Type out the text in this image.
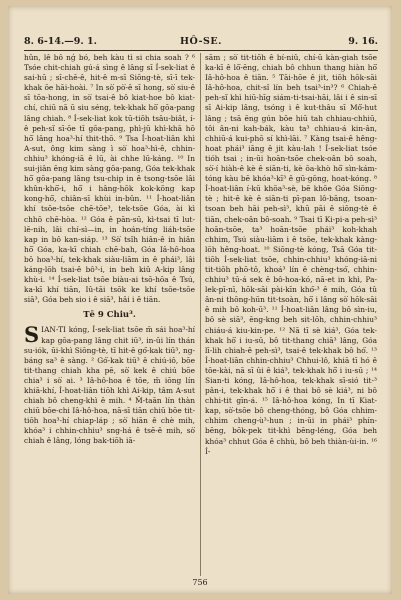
8. 6-14.—9. 1.	HÔ-SE.	9. 16.

hûn, lê bô nǵ bó, beh kàu tì si chia soah ? ⁶ Tsóe chit-chiah gú-á sìng ê lâng sī Í-sek-liat ê sai-hū ; sī-chē-ê, hit-ê m-sī Siōng-tè, sī-ī tek-khak ōe hāi-hoài. ⁷ In sò͘ pò͘-ê sī hong, sò͘ siu-ê sī tōa-hong, in sò͘ tsai-ê bô kiat-hoe bô kiat-chí, chiū nā ū siu séng, tek-khak hō͘ gōa-pang lâng chiah. ⁸ Í-sek-liat kok tū-tiōh tsâu-biât, í-ê peh-sì͘ sī-ōe tī gōa-pang, phì-jū khì-khā hō hō͘ lâng hoa³-hí thit-thō. ⁹ Tsa Í-hoat-liân khì A-sut, ông kim sàng ì sò͘ hoa³-hì-ê, chhin-chhiu³ khóng-iā ê lū, ài chhe lū-káng. ¹⁰ In sui-jiân ēng kim sàng gōa-pang, Góa tek-khak hō͘ gōa-pang lâng tsu-chip in ê tsong-tsōe lâi khûn-khō͘-i, hō͘ i hâng-hōk kok-kōng kap kong-hō͘, chiân-sī khùi in-bûn. ¹¹ Í-hoat-liân khí tsōe-tsōe chē-tōe³, tek-tsōe Góa, ài kì chhō chē-hòa. ¹² Góa ê pān-sū, kì-tsai tī lut-lē-nih, lâi chí-sì—in, in hoán-tíng liáh-tsōe kap in bô kan-siáp. ¹³ Sò͘ tsîh hiân-ê in hiân hō͘ Góa, ka-kī chiah chē-bah, Góa Iâ-hô-hoa bô hoa³-hí, tek-khak siàu-liām in ê phái³, lâi káng-lōh tsai-ê bô³-i, in beh kiû A-kip lâng khù-i. ¹⁴ Í-sek-liat tsōe biàu-ai tsō-hōa ê Tsú, ka-kī khí tiān, Iû-tāi tsōk ke khí tsōe-tsōe siā³, Góa beh sio i ê siā³, hâi i ê tiān.

Tē 9 Chiu³.

SIAN-TI kóng, Í-sek-liat tsōe m̄ sái hoa³-hí kap gōa-pang lâng chit iū³, in-ūi lín thán su-iók, ūi-khì Siōng-tè, tī hit-ê gó͘-kak tiū³, ng-báng sa³ ê sàng. ² Gó͘-kak tiū³ ê chiú-iô, bōe tit-thang chiah kha pē, sò͘ kek ê chiú bōe chia³ i sò͘ ai. ³ Iâ-hô-hoa ê tōe, m̄ iōng lín khiā-khí, Í-hoat-liân tiōh khì Ai-kip, tâm A-sut chiah bô cheng-khì ê mih. ⁴ M̄-taān lín thàn chiū bōe-chi Iâ-hô-hoa, nā-sī tiān chiū bōe tit-tiōh hoa³-hí chiap-láp ; sò͘ hiān ê chè mih, khóa³ i chhin-chhiu³ sng-há ê tsē-ê mih, sò͘ chiah ê lâng, lóng bak-tiōh iā-

sām ; sò͘ tit-tiōh ê bí-niû, chí-ū kàn-giah tsōe ka-kī ê lō͘-ēng, chiah bô chhun thang hiàn hō͘ Iâ-hô-hoa ê tiān. ⁵ Tāi-hōe ê jit, tiōh hōk-sāi Iâ-hô-hoa, chit-sî lín beh tsai³-in³? ⁶ Chiah-ê peh-sì͘ khì hiū-hīg siám-ti-tsai-hāi, lâi i ê sin-sī sī Ai-kip lâng, tsóng i ê kut-thâu sī Mô͘-hut lâng ; tsā ēng gún bōe hiū tah chhiau-chhiū, tôi ân-ni kah-bák, kàu ta³ chhiau-á kin-ân, chhiū-á kui-phō sí khì-lāi. ⁷ Kàng tsai-ê hêng-hoat phái³ iāng ê jit kàu-lah ! Í-sek-liat tsóe tióh tsai ; in-ūi hoān-tsōe chek-oân bô soah, sò͘-í hiàh-ê kè ê siān-ti, kè ōa-khò hō͘ sìn-kám-tóng kàu bē khóa³-kī³ ê gū-gōng, hoat-kóng. ⁸ Í-hoat-liân í-kū khōa³-sè, bē khōe Góa Siōng-tè ; hit-ê kè ê siān-ti pī-pan lô-bāng, tsoan-tsoan beh hāi peh-sì³, khū pāi ê siōng-tè ê tiān, chek-oân bô-soah. ⁹ Tsai tī Ki-pi-a peh-sì³ hoān-tsōe, ta³ hoān-tsōe phái³ koh-khah chhim, Tsú siàu-liām i ê tsōe, tek-khak kàng-lōh hêng-hoat. ¹⁰ Siōng-tè kóng, Tsā Góa tit-tiōh Í-sek-liat tsōe, chhin-chhiu³ khóng-iā-ni tit-tiōh phō-tô, khoá³ lín ê chèng-tsó͘, chhin-chhiu³ tū-á sek ê bô-hoa-kó, nā-et in khì, Pa-lek-pī-nī, hōk-sāi pài-kīn khó͘-³ ê mih, Góa tû ân-ni thōng-hūn tit-tsoàn, hō͘ i lâng sò͘ hōk-sāi ê mih bô koh-ū³. ¹¹ Í-hoat-liân lâng bô sìn-iu, bô sè siā³, ēng-kng beh sit-lōh, chhin-chhiu³ chiáu-á kiu-kin-pe. ¹² Nā tī sè kiá³, Góa tek-khak hō͘ i iu-sū, bô tit-thang chiā³ lâng, Góa lī-lih chiah-ê peh-sì³, tsai-ê tek-khak bô hó͘. ¹³ Í-hoat-liân chhin-chhiu³ Chhui-lô, khiā tī hó ê tōe-kài, nā sī ûi ê kiá³, tek-khak hō͘ i iu-sū ; ¹⁴ Sian-ti kóng, Iâ-hô-hoa, tek-khak sī-sió tit-³ pân-i, tek-khak hō͘ i ê thai bô sè kiá³, ni bô chhi-tit gīn-á. ¹⁵ Iâ-hô-hoa kóng, In tī Kiat-kap, sò͘-tsōe bô cheng-thóng, bô Góa chhim-chhim cheng-ù³-hun ; in-ūi in phái³ phín-bēng, bōk-pek tit-khì bēng-léng, Góa beh khóa³ chhut Góa ê chhù, bô beh thiàn-ùi-in. ¹⁶ Í-

756
